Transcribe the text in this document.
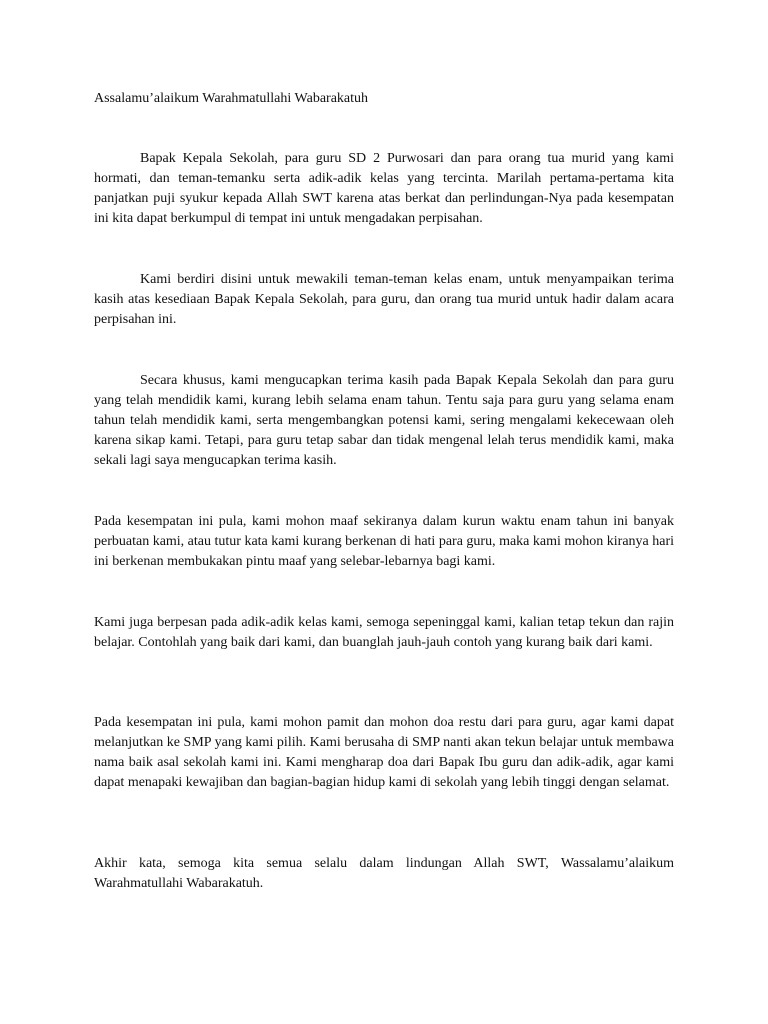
Assalamu’alaikum Warahmatullahi Wabarakatuh

Bapak Kepala Sekolah, para guru SD 2 Purwosari dan para orang tua murid yang kami hormati, dan teman-temanku serta adik-adik kelas yang tercinta. Marilah pertama-pertama kita panjatkan puji syukur kepada Allah SWT karena atas berkat dan perlindungan-Nya pada kesempatan ini kita dapat berkumpul di tempat ini untuk mengadakan perpisahan.

Kami berdiri disini untuk mewakili teman-teman kelas enam, untuk menyampaikan terima kasih atas kesediaan Bapak Kepala Sekolah, para guru, dan orang tua murid untuk hadir dalam acara perpisahan ini.

Secara khusus, kami mengucapkan terima kasih pada Bapak Kepala Sekolah dan para guru yang telah mendidik kami, kurang lebih selama enam tahun. Tentu saja para guru yang selama enam tahun telah mendidik kami, serta mengembangkan potensi kami, sering mengalami kekecewaan oleh karena sikap kami. Tetapi, para guru tetap sabar dan tidak mengenal lelah terus mendidik kami, maka sekali lagi saya mengucapkan terima kasih.

Pada kesempatan ini pula, kami mohon maaf sekiranya dalam kurun waktu enam tahun ini banyak perbuatan kami, atau tutur kata kami kurang berkenan di hati para guru, maka kami mohon kiranya hari ini berkenan membukakan pintu maaf yang selebar-lebarnya bagi kami.

Kami juga berpesan pada adik-adik kelas kami, semoga sepeninggal kami, kalian tetap tekun dan rajin belajar. Contohlah yang baik dari kami, dan buanglah jauh-jauh contoh yang kurang baik dari kami.

Pada kesempatan ini pula, kami mohon pamit dan mohon doa restu dari para guru, agar kami dapat melanjutkan ke SMP yang kami pilih. Kami berusaha di SMP nanti akan tekun belajar untuk membawa nama baik asal sekolah kami ini. Kami mengharap doa dari Bapak Ibu guru dan adik-adik, agar kami dapat menapaki kewajiban dan bagian-bagian hidup kami di sekolah yang lebih tinggi dengan selamat.

Akhir kata, semoga kita semua selalu dalam lindungan Allah SWT, Wassalamu’alaikum Warahmatullahi Wabarakatuh.
